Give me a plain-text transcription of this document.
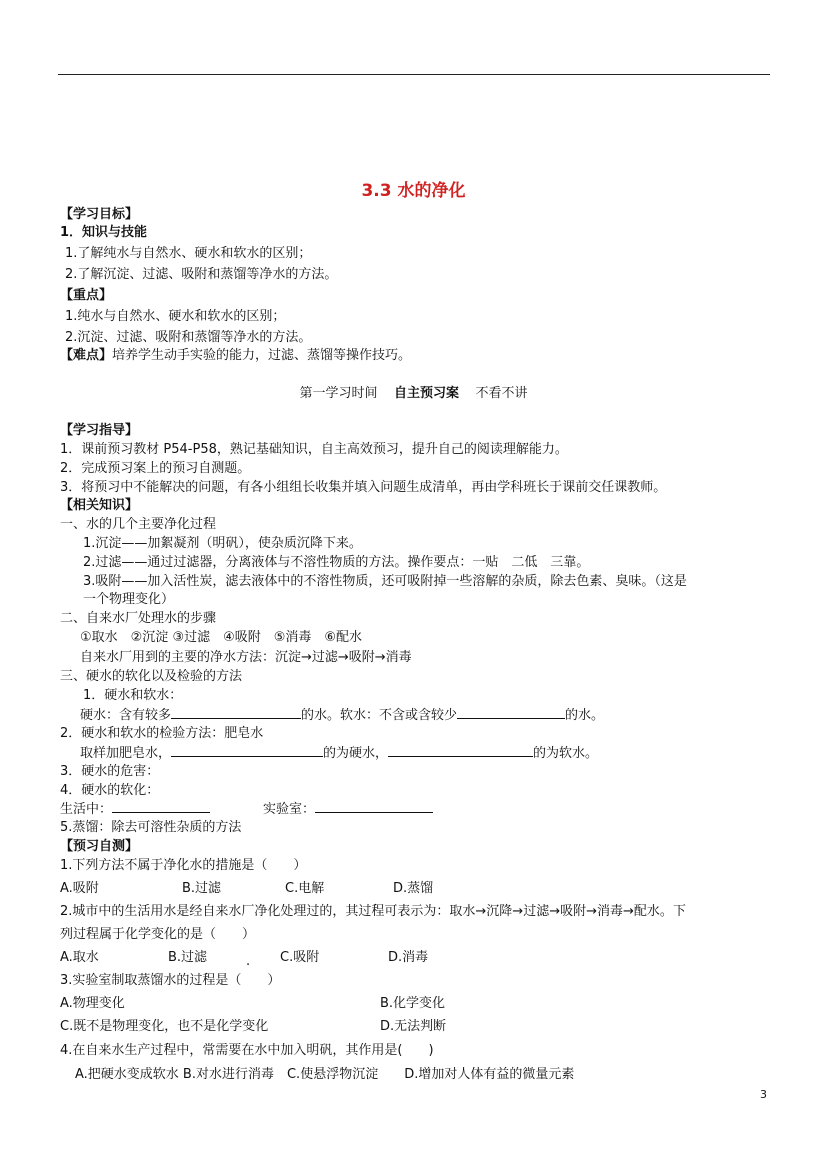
3.3 水的净化
【学习目标】
1．知识与技能
1.了解纯水与自然水、硬水和软水的区别；
2.了解沉淀、过滤、吸附和蒸馏等净水的方法。
【重点】
1.纯水与自然水、硬水和软水的区别；
2.沉淀、过滤、吸附和蒸馏等净水的方法。
【难点】培养学生动手实验的能力，过滤、蒸馏等操作技巧。
第一学习时间 自主预习案 不看不讲
【学习指导】
1．课前预习教材 P54-P58，熟记基础知识，自主高效预习，提升自己的阅读理解能力。
2．完成预习案上的预习自测题。
3．将预习中不能解决的问题，有各小组组长收集并填入问题生成清单，再由学科班长于课前交任课教师。
【相关知识】
一、水的几个主要净化过程
1.沉淀——加絮凝剂（明矾），使杂质沉降下来。
2.过滤——通过过滤器，分离液体与不溶性物质的方法。操作要点：一贴　二低　三靠。
3.吸附——加入活性炭，滤去液体中的不溶性物质，还可吸附掉一些溶解的杂质，除去色素、臭味。（这是
一个物理变化）
二、自来水厂处理水的步骤
①取水　②沉淀 ③过滤　④吸附　⑤消毒　⑥配水
自来水厂用到的主要的净水方法：沉淀→过滤→吸附→消毒
三、硬水的软化以及检验的方法
1．硬水和软水：
硬水：含有较多	的水。软水：不含或含较少	的水。
2．硬水和软水的检验方法：肥皂水
取样加肥皂水，	的为硬水，	的为软水。
3．硬水的危害：
4．硬水的软化：
生活中：	实验室：
5.蒸馏：除去可溶性杂质的方法
【预习自测】
1.下列方法不属于净化水的措施是（　　）
A.吸附	B.过滤	C.电解	D.蒸馏
2.城市中的生活用水是经自来水厂净化处理过的，其过程可表示为：取水→沉降→过滤→吸附→消毒→配水。下
列过程属于化学变化的是（　　）
A.取水	B.过滤	. C.吸附	D.消毒
3.实验室制取蒸馏水的过程是（　　）
A.物理变化	B.化学变化
C.既不是物理变化，也不是化学变化	D.无法判断
4.在自来水生产过程中，常需要在水中加入明矾，其作用是(　　)
A.把硬水变成软水 B.对水进行消毒　C.使悬浮物沉淀　　D.增加对人体有益的微量元素
3
